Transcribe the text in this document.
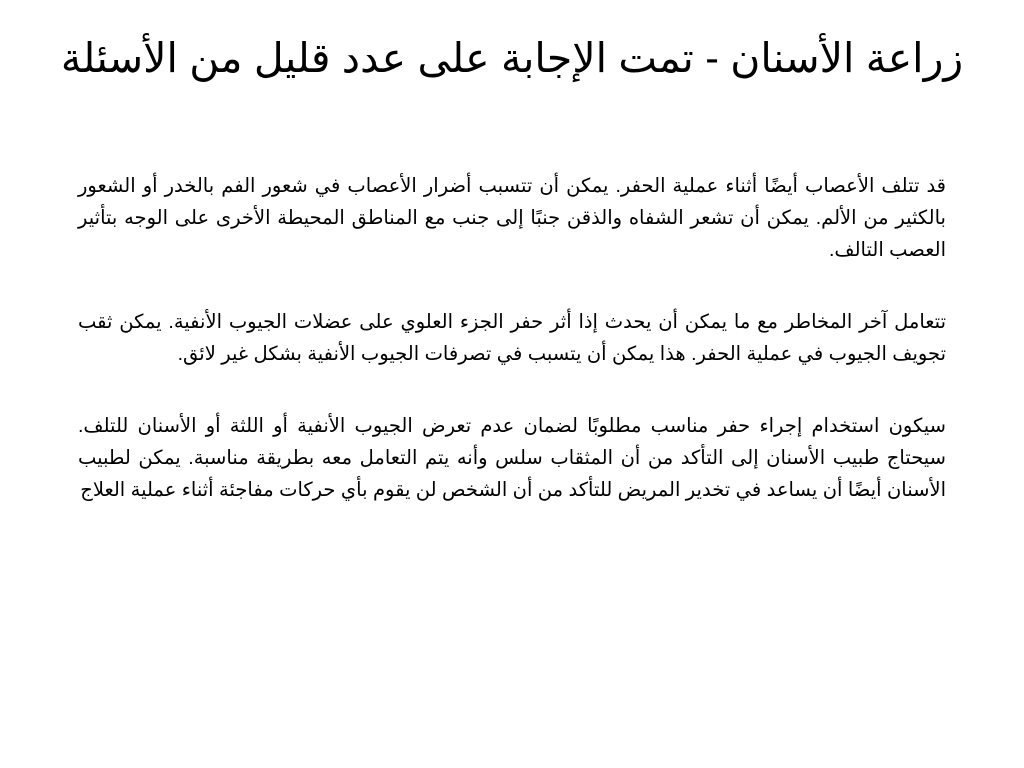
زراعة الأسنان - تمت الإجابة على عدد قليل من الأسئلة

قد تتلف الأعصاب أيضًا أثناء عملية الحفر. يمكن أن تتسبب أضرار الأعصاب في شعور الفم بالخدر أو الشعور بالكثير من الألم. يمكن أن تشعر الشفاه والذقن جنبًا إلى جنب مع المناطق المحيطة الأخرى على الوجه بتأثير العصب التالف.

تتعامل آخر المخاطر مع ما يمكن أن يحدث إذا أثر حفر الجزء العلوي على عضلات الجيوب الأنفية. يمكن ثقب تجويف الجيوب في عملية الحفر. هذا يمكن أن يتسبب في تصرفات الجيوب الأنفية بشكل غير لائق.

سيكون استخدام إجراء حفر مناسب مطلوبًا لضمان عدم تعرض الجيوب الأنفية أو اللثة أو الأسنان للتلف. سيحتاج طبيب الأسنان إلى التأكد من أن المثقاب سلس وأنه يتم التعامل معه بطريقة مناسبة. يمكن لطبيب الأسنان أيضًا أن يساعد في تخدير المريض للتأكد من أن الشخص لن يقوم بأي حركات مفاجئة أثناء عملية العلاج
